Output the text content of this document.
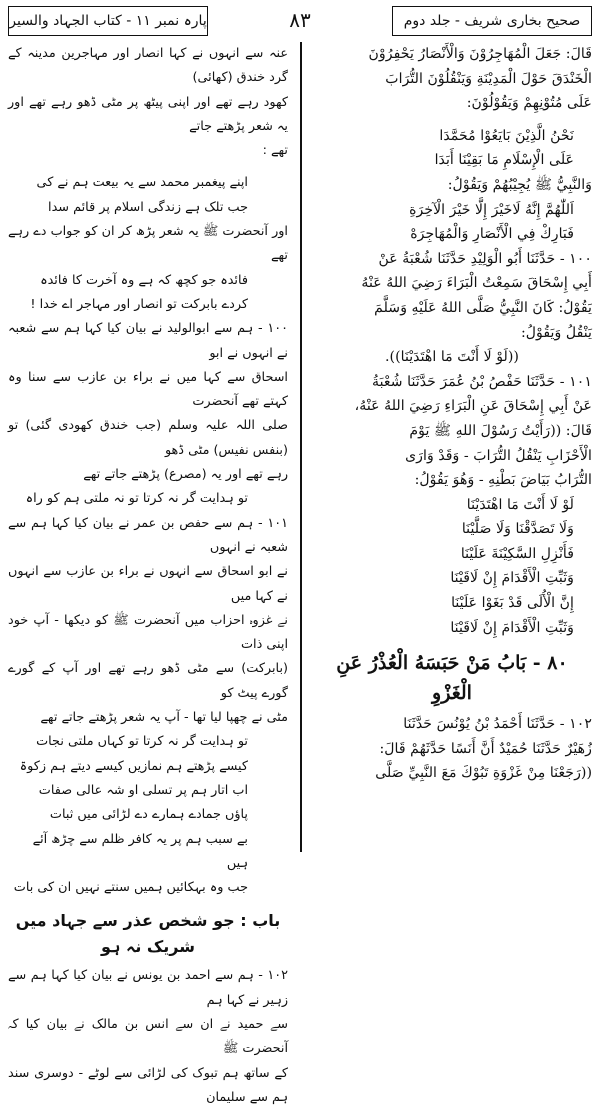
صحیح بخاری شریف - جلد دوم
٨٣
پارہ نمبر ١١ - کتاب الجہاد والسیر

قَالَ: جَعَلَ الْمُهَاجِرُوْنَ وَالْأَنْصَارُ يَحْفِرُوْنَ

الْخَنْدَقَ حَوْلَ الْمَدِيْنَةِ وَيَنْقُلُوْنَ التُّرَابَ

عَلَى مُتُوْنِهِمْ وَيَقُوْلُوْنَ:

نَحْنُ الَّذِيْنَ بَايَعُوْا مُحَمَّدَا

عَلَى الْإِسْلَامِ مَا بَقِيْنَا أَبَدَا

وَالنَّبِيُّ ﷺ يُجِيْبُهُمْ وَيَقُوْلُ:

اَللّٰهُمَّ إِنَّهُ لَاخَيْرَ إِلَّا خَيْرَ الْآخِرَةِ

فَبَارِكْ فِي الْأَنْصَارِ وَالْمُهَاجِرَهْ

١٠٠ - حَدَّثَنَا أَبُو الْوَلِيْدِ حَدَّثَنَا شُعْبَةُ عَنْ

أَبِي إِسْحَاقَ سَمِعْتُ الْبَرَاءَ رَضِيَ اللهُ عَنْهُ

يَقُوْلُ: كَانَ النَّبِيُّ صَلَّى اللهُ عَلَيْهِ وَسَلَّمَ

يَنْقُلُ وَيَقُوْلُ:

((لَوْ لَا أَنْتَ مَا اهْتَدَيْنَا)).

١٠١ - حَدَّثَنَا حَفْصُ بْنُ عُمَرَ حَدَّثَنَا شُعْبَةُ

عَنْ أَبِي إِسْحَاقَ عَنِ الْبَرَاءِ رَضِيَ اللهُ عَنْهُ،

قَالَ: ((رَأَيْتُ رَسُوْلَ اللهِ ﷺ يَوْمَ

الْأَحْزَابِ يَنْقُلُ التُّرَابَ - وَقَدْ وَارَى

التُّرَابُ بَيَاضَ بَطْنِهِ - وَهُوَ يَقُوْلُ:

لَوْ لَا أَنْتَ مَا اهْتَدَيْنَا

وَلَا تَصَدَّقْنَا وَلَا صَلَّيْنَا

فَأَنْزِلِ السَّكِيْنَةَ عَلَيْنَا

وَثَبِّتِ الْأَقْدَامَ إِنْ لَاقَيْنَا

إِنَّ الْأُلَى قَدْ بَغَوْا عَلَيْنَا

وَثَبِّتِ الْأَقْدَامَ إِنْ لَاقَيْنَا

٨٠ - بَابُ مَنْ حَبَسَهُ الْعُذْرُ عَنِ
الْغَزْوِ

١٠٢ - حَدَّثَنَا أَحْمَدُ بْنُ يُوْنُسَ حَدَّثَنَا

زُهَيْرٌ حَدَّثَنَا حُمَيْدٌ أَنَّ أَنَسًا حَدَّثَهُمْ قَالَ:

((رَجَعْنَا مِنْ غَزْوَةِ تَبُوْكَ مَعَ النَّبِيِّ صَلَّى

عنہ سے انہوں نے کہا انصار اور مہاجرین مدینہ کے گرد خندق (کھائی)

کھود رہے تھے اور اپنی پیٹھ پر مٹی ڈھو رہے تھے اور یہ شعر پڑھتے جاتے

تھے :

اپنے پیغمبر محمد سے یہ بیعت ہم نے کی

جب تلک ہے زندگی اسلام پر قائم سدا

اور آنحضرت ﷺ یہ شعر پڑھ کر ان کو جواب دے رہے تھے

فائدہ جو کچھ کہ ہے وہ آخرت کا فائدہ

کردے بابرکت تو انصار اور مہاجر اے خدا !

١٠٠ - ہم سے ابوالولید نے بیان کیا کہا ہم سے شعبہ نے انہوں نے ابو

اسحاق سے کہا میں نے براء بن عازب سے سنا وہ کہتے تھے آنحضرت

صلی اللہ علیہ وسلم (جب خندق کھودی گئی) تو (بنفس نفیس) مٹی ڈھو

رہے تھے اور یہ (مصرع) پڑھتے جاتے تھے

تو ہدایت گر نہ کرتا تو نہ ملتی ہم کو راہ

١٠١ - ہم سے حفص بن عمر نے بیان کیا کہا ہم سے شعبہ نے انہوں

نے ابو اسحاق سے انہوں نے براء بن عازب سے انہوں نے کہا میں

نے غزوہ احزاب میں آنحضرت ﷺ کو دیکھا - آپ خود اپنی ذات

(بابرکت) سے مٹی ڈھو رہے تھے اور آپ کے گورے گورے پیٹ کو

مٹی نے چھپا لیا تھا - آپ یہ شعر پڑھتے جاتے تھے

تو ہدایت گر نہ کرتا تو کہاں ملتی نجات

کیسے پڑھتے ہم نمازیں کیسے دیتے ہم زکوۃ

اب اتار ہم پر تسلی او شہ عالی صفات

پاؤں جمادے ہمارے دے لڑائی میں ثبات

بے سبب ہم پر یہ کافر ظلم سے چڑھ آئے ہیں

جب وہ بہکائیں ہمیں سنتے نہیں ان کی بات

باب : جو شخص عذر سے جہاد میں
شریک نہ ہو

١٠٢ - ہم سے احمد بن یونس نے بیان کیا کہا ہم سے زہیر نے کہا ہم

سے حمید نے ان سے انس بن مالک نے بیان کیا کہ آنحضرت ﷺ

کے ساتھ ہم تبوک کی لڑائی سے لوٹے - دوسری سند ہم سے سلیمان
